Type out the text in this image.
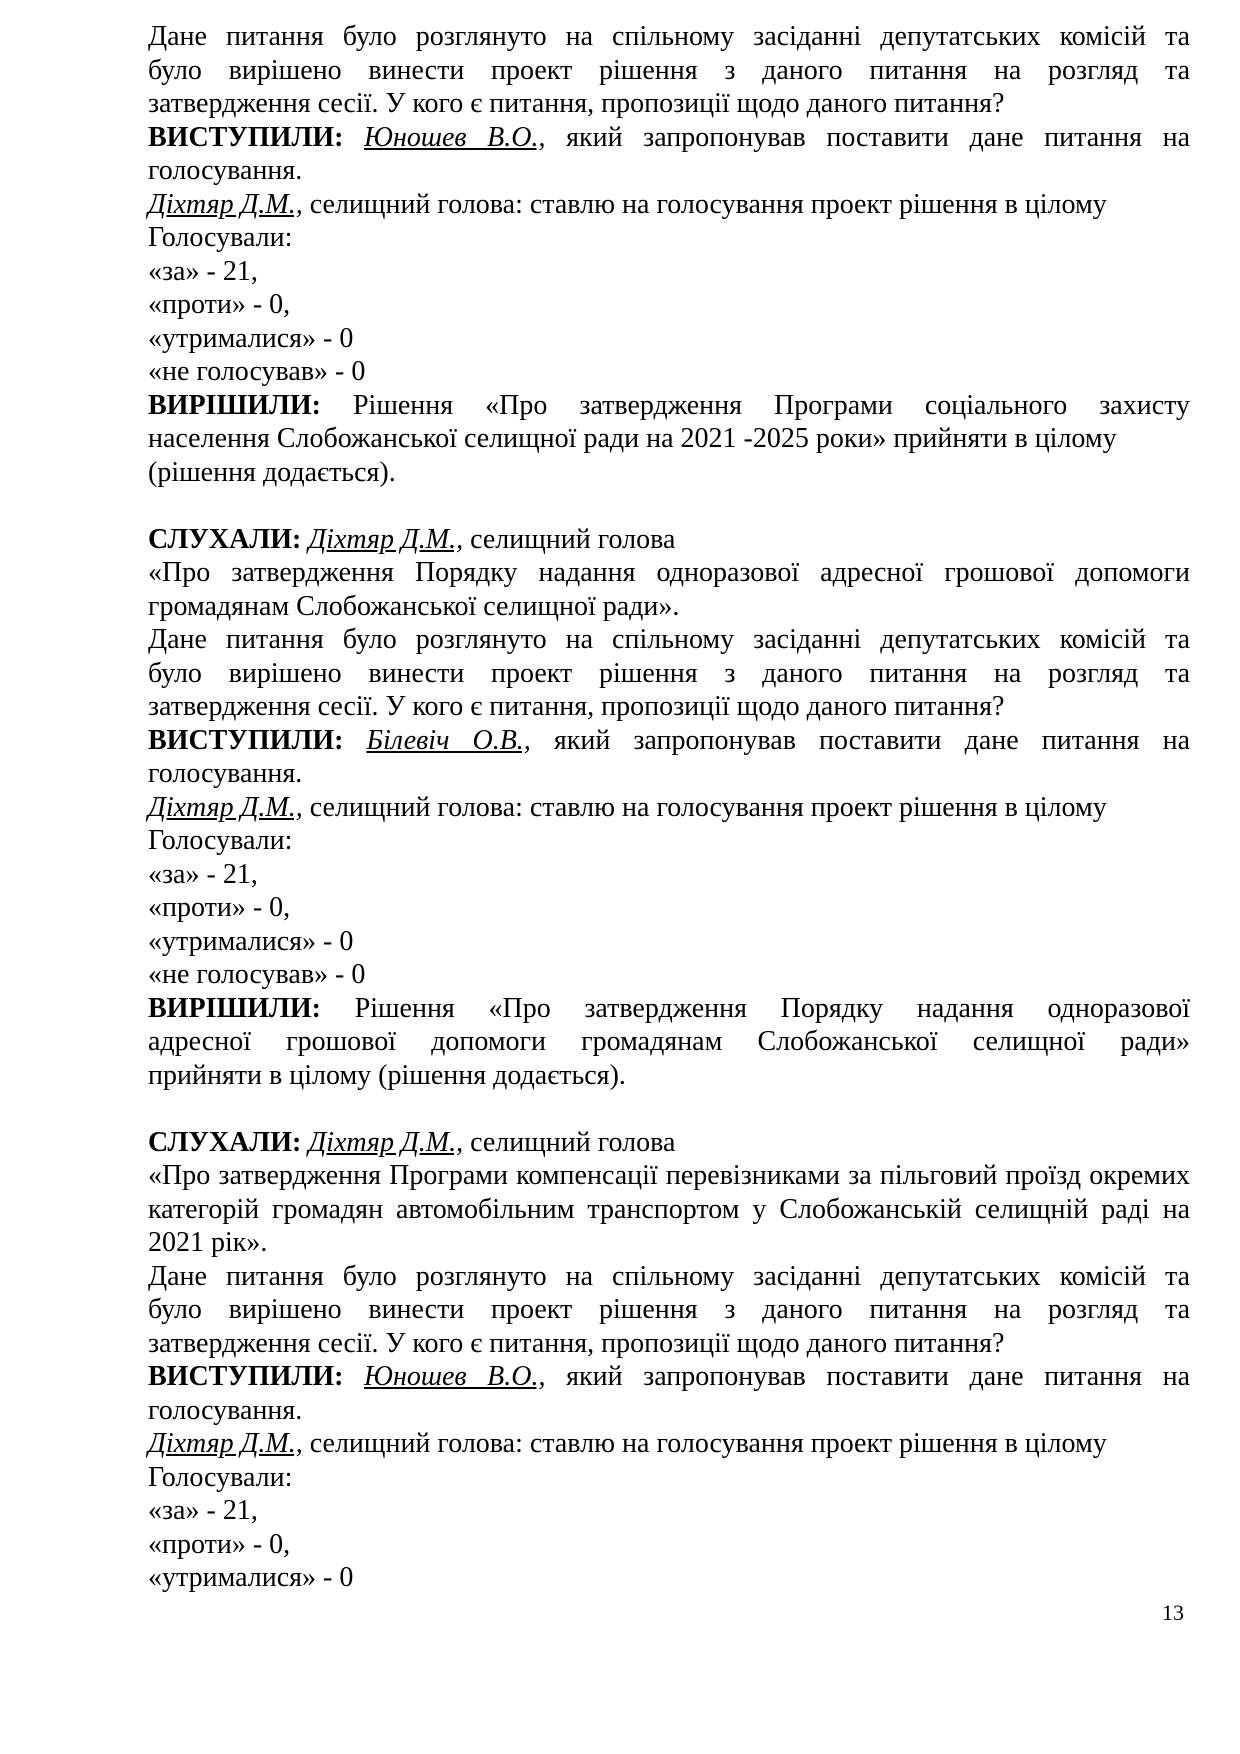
Дане питання було розглянуто на спільному засіданні депутатських комісій та
було вирішено винести проект рішення з даного питання на розгляд та
затвердження сесії. У кого є питання, пропозиції щодо даного питання?
ВИСТУПИЛИ: Юношев В.О., який запропонував поставити дане питання на
голосування.
Діхтяр Д.М., селищний голова: ставлю на голосування проект рішення в цілому
Голосували:
«за» - 21,
«проти» - 0,
«утрималися» - 0
«не голосував» - 0
ВИРІШИЛИ: Рішення «Про затвердження Програми соціального захисту
населення Слобожанської селищної ради на 2021 -2025 роки» прийняти в цілому
(рішення додається).
СЛУХАЛИ: Діхтяр Д.М., селищний голова
«Про затвердження Порядку надання одноразової адресної грошової допомоги
громадянам Слобожанської селищної ради».
Дане питання було розглянуто на спільному засіданні депутатських комісій та
було вирішено винести проект рішення з даного питання на розгляд та
затвердження сесії. У кого є питання, пропозиції щодо даного питання?
ВИСТУПИЛИ: Білевіч О.В., який запропонував поставити дане питання на
голосування.
Діхтяр Д.М., селищний голова: ставлю на голосування проект рішення в цілому
Голосували:
«за» - 21,
«проти» - 0,
«утрималися» - 0
«не голосував» - 0
ВИРІШИЛИ: Рішення «Про затвердження Порядку надання одноразової
адресної грошової допомоги громадянам Слобожанської селищної ради»
прийняти в цілому (рішення додається).
СЛУХАЛИ: Діхтяр Д.М., селищний голова
«Про затвердження Програми компенсації перевізниками за пільговий проїзд окремих
категорій громадян автомобільним транспортом у Слобожанській селищній раді на
2021 рік».
Дане питання було розглянуто на спільному засіданні депутатських комісій та
було вирішено винести проект рішення з даного питання на розгляд та
затвердження сесії. У кого є питання, пропозиції щодо даного питання?
ВИСТУПИЛИ: Юношев В.О., який запропонував поставити дане питання на
голосування.
Діхтяр Д.М., селищний голова: ставлю на голосування проект рішення в цілому
Голосували:
«за» - 21,
«проти» - 0,
«утрималися» - 0
13
